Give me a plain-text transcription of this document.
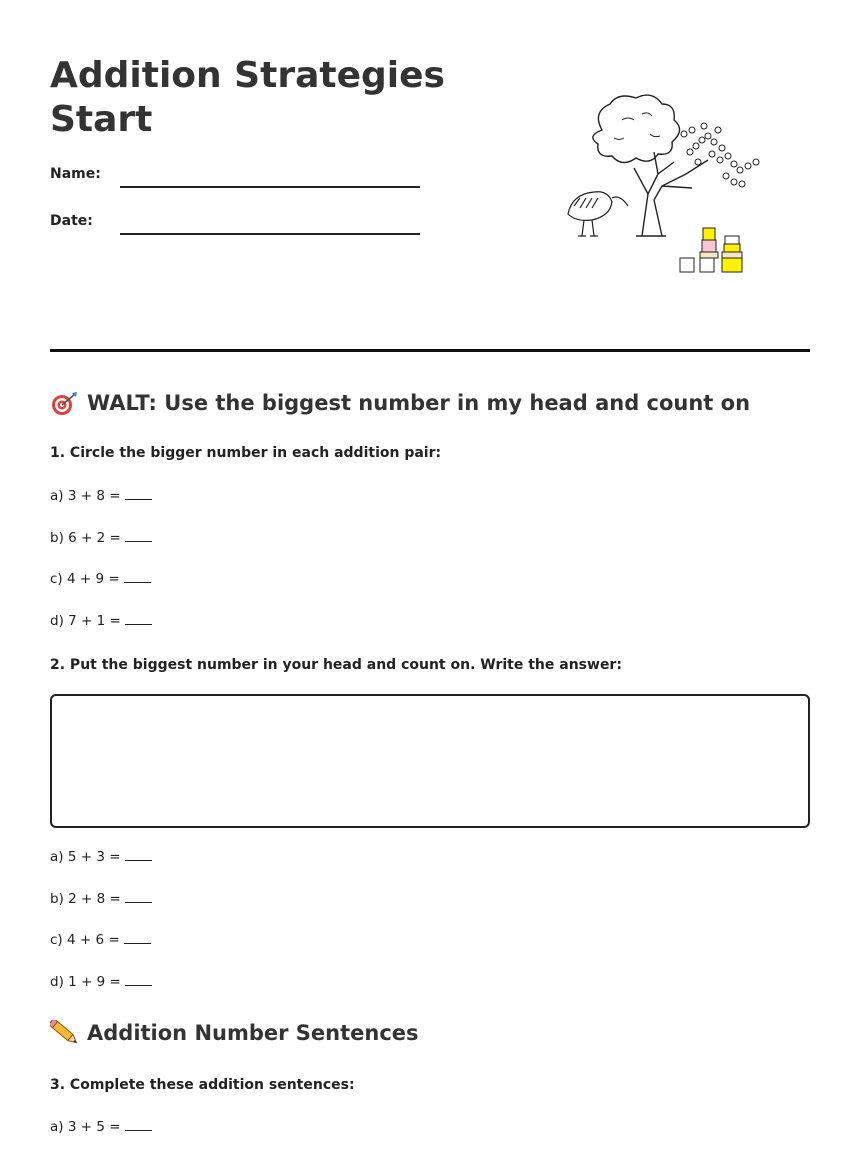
Addition Strategies
Start
Name:
Date:
WALT: Use the biggest number in my head and count on
1. Circle the bigger number in each addition pair:
a) 3 + 8 =
b) 6 + 2 =
c) 4 + 9 =
d) 7 + 1 =
2. Put the biggest number in your head and count on. Write the answer:
a) 5 + 3 =
b) 2 + 8 =
c) 4 + 6 =
d) 1 + 9 =
Addition Number Sentences
3. Complete these addition sentences:
a) 3 + 5 =
